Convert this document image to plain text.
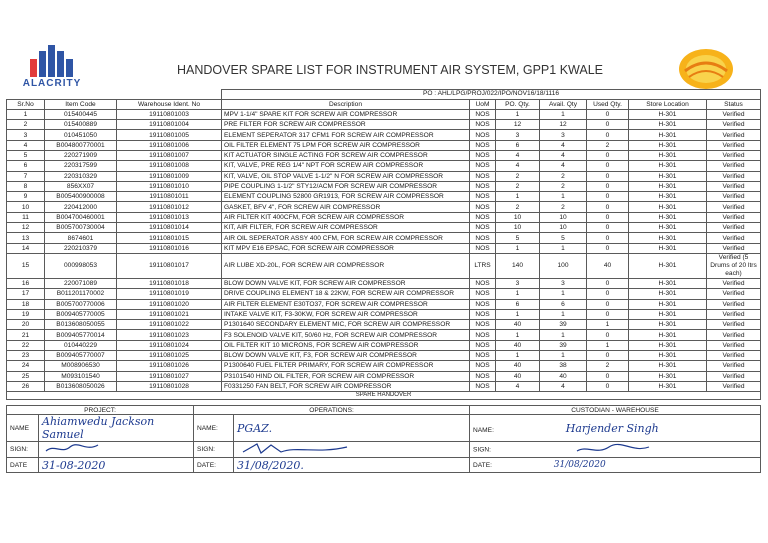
ALACRITY
HANDOVER SPARE LIST FOR INSTRUMENT AIR SYSTEM, GPP1 KWALE
			PO : AHL/LPG/PROJ/022/IPO/NOV16/18/1116						
Sr.No	Item Code	Warehouse Ident. No	Description	UoM	PO. Qty.	Avail. Qty	Used Qty.	Store Location	Status
1	015400445	19110801003	MPV 1-1/4" SPARE KIT FOR SCREW AIR COMPRESSOR	NOS	1	1	0	H-301	Verified
2	015400889	19110801004	PRE FILTER FOR SCREW AIR COMPRESSOR	NOS	12	12	0	H-301	Verified
3	010451050	19110801005	ELEMENT SEPERATOR 317 CFM1 FOR SCREW AIR COMPRESSOR	NOS	3	3	0	H-301	Verified
4	B004800770001	19110801006	OIL FILTER ELEMENT 75 LPM FOR SCREW AIR COMPRESSOR	NOS	6	4	2	H-301	Verified
5	220271909	19110801007	KIT ACTUATOR SINGLE ACTING FOR SCREW AIR COMPRESSOR	NOS	4	4	0	H-301	Verified
6	220317599	19110801008	KIT, VALVE, PRE REG 1/4" NPT FOR SCREW AIR COMPRESSOR	NOS	4	4	0	H-301	Verified
7	220310329	19110801009	KIT, VALVE, OIL STOP VALVE 1-1/2" N FOR SCREW AIR COMPRESSOR	NOS	2	2	0	H-301	Verified
8	856XX07	19110801010	PIPE COUPLING 1-1/2" STY12/ACM FOR SCREW AIR COMPRESSOR	NOS	2	2	0	H-301	Verified
9	B005400900008	19110801011	ELEMENT COUPLING 52800 GR1913, FOR SCREW AIR COMPRESSOR	NOS	1	1	0	H-301	Verified
10	220412000	19110801012	GASKET, BFV 4", FOR SCREW AIR COMPRESSOR	NOS	2	2	0	H-301	Verified
11	B004700460001	19110801013	AIR FILTER KIT 400CFM, FOR SCREW AIR COMPRESSOR	NOS	10	10	0	H-301	Verified
12	B005700730004	19110801014	KIT, AIR FILTER, FOR SCREW AIR COMPRESSOR	NOS	10	10	0	H-301	Verified
13	8674601	19110801015	AIR OIL SEPERATOR ASSY 400 CFM, FOR SCREW AIR COMPRESSOR	NOS	5	5	0	H-301	Verified
14	220210379	19110801016	KIT MPV E16 EPSAC, FOR SCREW AIR COMPRESSOR	NOS	1	1	0	H-301	Verified
15	000998053	19110801017	AIR LUBE XD-20L, FOR SCREW AIR COMPRESSOR	LTRS	140	100	40	H-301	Verified (5 Drums of 20 ltrs each)
16	220071089	19110801018	BLOW DOWN VALVE KIT, FOR SCREW AIR COMPRESSOR	NOS	3	3	0	H-301	Verified
17	B011201170002	19110801019	DRIVE COUPLING ELEMENT 18 & 22KW, FOR SCREW AIR COMPRESSOR	NOS	1	1	0	H-301	Verified
18	B005700770006	19110801020	AIR FILTER ELEMENT E30TO37, FOR SCREW AIR COMPRESSOR	NOS	6	6	0	H-301	Verified
19	B009405770005	19110801021	INTAKE VALVE KIT, F3-30KW, FOR SCREW AIR COMPRESSOR	NOS	1	1	0	H-301	Verified
20	B013608050055	19110801022	P1301640 SECONDARY ELEMENT MIC, FOR SCREW AIR COMPRESSOR	NOS	40	39	1	H-301	Verified
21	B009405770014	19110801023	F3 SOLENOID VALVE KIT, 50/60 Hz, FOR SCREW AIR COMPRESSOR	NOS	1	1	0	H-301	Verified
22	010440229	19110801024	OIL FILTER KIT 10 MICRONS, FOR SCREW AIR COMPRESSOR	NOS	40	39	1	H-301	Verified
23	B009405770007	19110801025	BLOW DOWN VALVE KIT, F3, FOR SCREW AIR COMPRESSOR	NOS	1	1	0	H-301	Verified
24	M008906530	19110801026	P1300640 FUEL FILTER PRIMARY, FOR SCREW AIR COMPRESSOR	NOS	40	38	2	H-301	Verified
25	M093101540	19110801027	P3101540 HIND OIL FILTER, FOR SCREW AIR COMPRESSOR	NOS	40	40	0	H-301	Verified
26	B013608050026	19110801028	F0331250 FAN BELT, FOR SCREW AIR COMPRESSOR	NOS	4	4	0	H-301	Verified
SPARE HANDOVER									
PROJECT:		OPERATIONS:		CUSTODIAN - WAREHOUSE
NAME	Ahiamwedu Jackson Samuel	NAME:	PGAZ.	NAME: Harjender Singh
SIGN:		SIGN:		SIGN:
DATE	31-08-2020	DATE:	31/08/2020.	DATE: 31/08/2020
